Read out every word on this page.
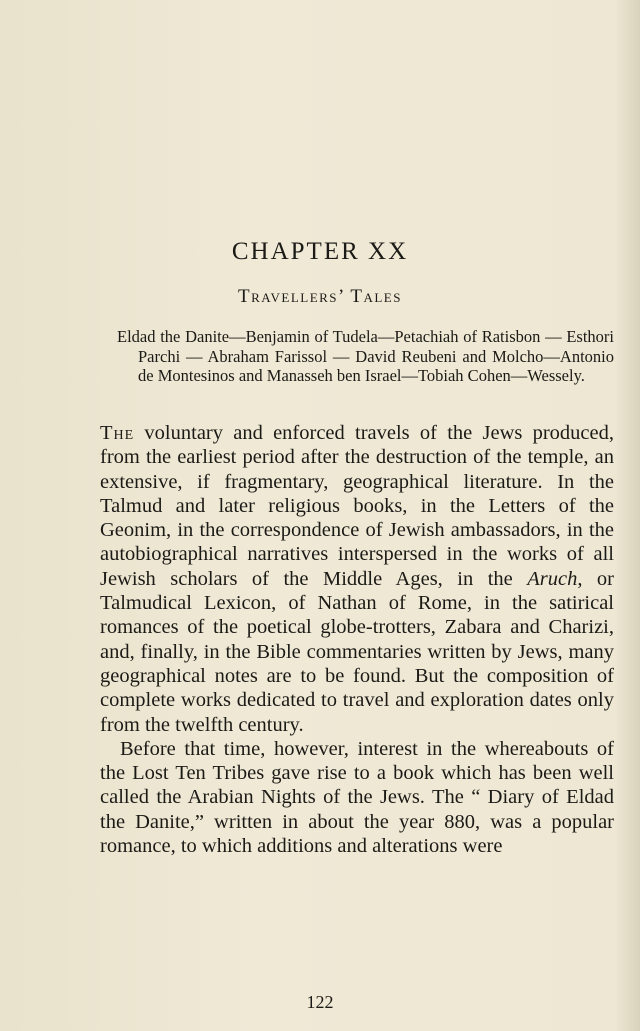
CHAPTER XX
Travellers’ Tales

Eldad the Danite—Benjamin of Tudela—Petachiah of Ratisbon — Esthori Parchi — Abraham Farissol — David Reubeni and Molcho—Antonio de Montesinos and Manasseh ben Israel—Tobiah Cohen—Wessely.

The voluntary and enforced travels of the Jews produced, from the earliest period after the destruction of the temple, an extensive, if fragmentary, geographical literature. In the Talmud and later religious books, in the Letters of the Geonim, in the correspondence of Jewish ambassadors, in the autobiographical narratives interspersed in the works of all Jewish scholars of the Middle Ages, in the Aruch, or Talmudical Lexicon, of Nathan of Rome, in the satirical romances of the poetical globe-trotters, Zabara and Charizi, and, finally, in the Bible commentaries written by Jews, many geographical notes are to be found. But the composition of complete works dedicated to travel and exploration dates only from the twelfth century.

Before that time, however, interest in the whereabouts of the Lost Ten Tribes gave rise to a book which has been well called the Arabian Nights of the Jews. The “ Diary of Eldad the Danite,” written in about the year 880, was a popular romance, to which additions and alterations were

122
